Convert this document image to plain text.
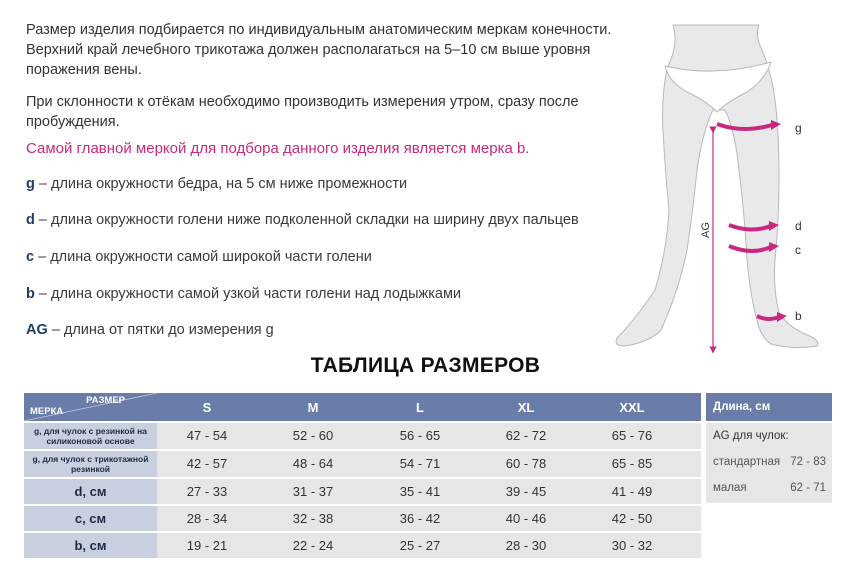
Размер изделия подбирается по индивидуальным анатомическим меркам конечности. Верхний край лечебного трикотажа должен располагаться на 5–10 см выше уровня поражения вены.

При склонности к отёкам необходимо производить измерения утром, сразу после пробуждения.

Самой главной меркой для подбора данного изделия является мерка b.
g – длина окружности бедра, на 5 см ниже промежности
d – длина окружности голени ниже подколенной складки на ширину двух пальцев
c – длина окружности самой широкой части голени
b – длина окружности самой узкой части голени над лодыжками
AG – длина от пятки до измерения g
AG
g
d
c
b
ТАБЛИЦА РАЗМЕРОВ
РАЗМЕР
МЕРКА	S	M	L	XL	XXL
g, для чулок с резинкой на силиконовой основе	47 - 54	52 - 60	56 - 65	62 - 72	65 - 76
g, для чулок с трикотажной резинкой	42 - 57	48 - 64	54 - 71	60 - 78	65 - 85
d, см	27 - 33	31 - 37	35 - 41	39 - 45	41 - 49
c, см	28 - 34	32 - 38	36 - 42	40 - 46	42 - 50
b, см	19 - 21	22 - 24	25 - 27	28 - 30	30 - 32
Длина, см
AG для чулок:
стандартная 72 - 83
малая	62 - 71
